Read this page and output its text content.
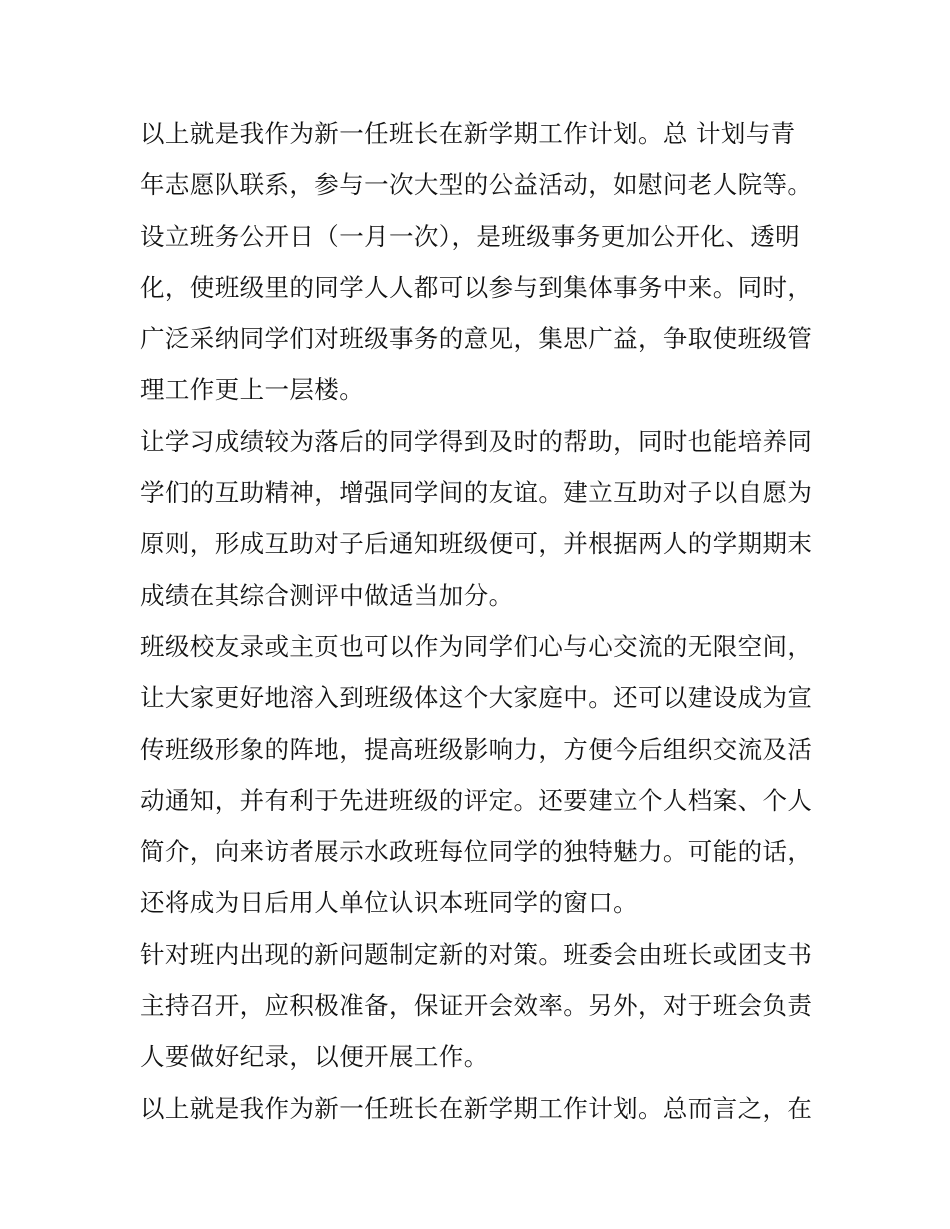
以上就是我作为新一任班长在新学期工作计划。总 计划与青
年志愿队联系，参与一次大型的公益活动，如慰问老人院等。
设立班务公开日（一月一次），是班级事务更加公开化、透明
化，使班级里的同学人人都可以参与到集体事务中来。同时，
广泛采纳同学们对班级事务的意见，集思广益，争取使班级管
理工作更上一层楼。
让学习成绩较为落后的同学得到及时的帮助，同时也能培养同
学们的互助精神，增强同学间的友谊。建立互助对子以自愿为
原则，形成互助对子后通知班级便可，并根据两人的学期期末
成绩在其综合测评中做适当加分。
班级校友录或主页也可以作为同学们心与心交流的无限空间，
让大家更好地溶入到班级体这个大家庭中。还可以建设成为宣
传班级形象的阵地，提高班级影响力，方便今后组织交流及活
动通知，并有利于先进班级的评定。还要建立个人档案、个人
简介，向来访者展示水政班每位同学的独特魅力。可能的话，
还将成为日后用人单位认识本班同学的窗口。
针对班内出现的新问题制定新的对策。班委会由班长或团支书
主持召开，应积极准备，保证开会效率。另外，对于班会负责
人要做好纪录，以便开展工作。
以上就是我作为新一任班长在新学期工作计划。总而言之，在
